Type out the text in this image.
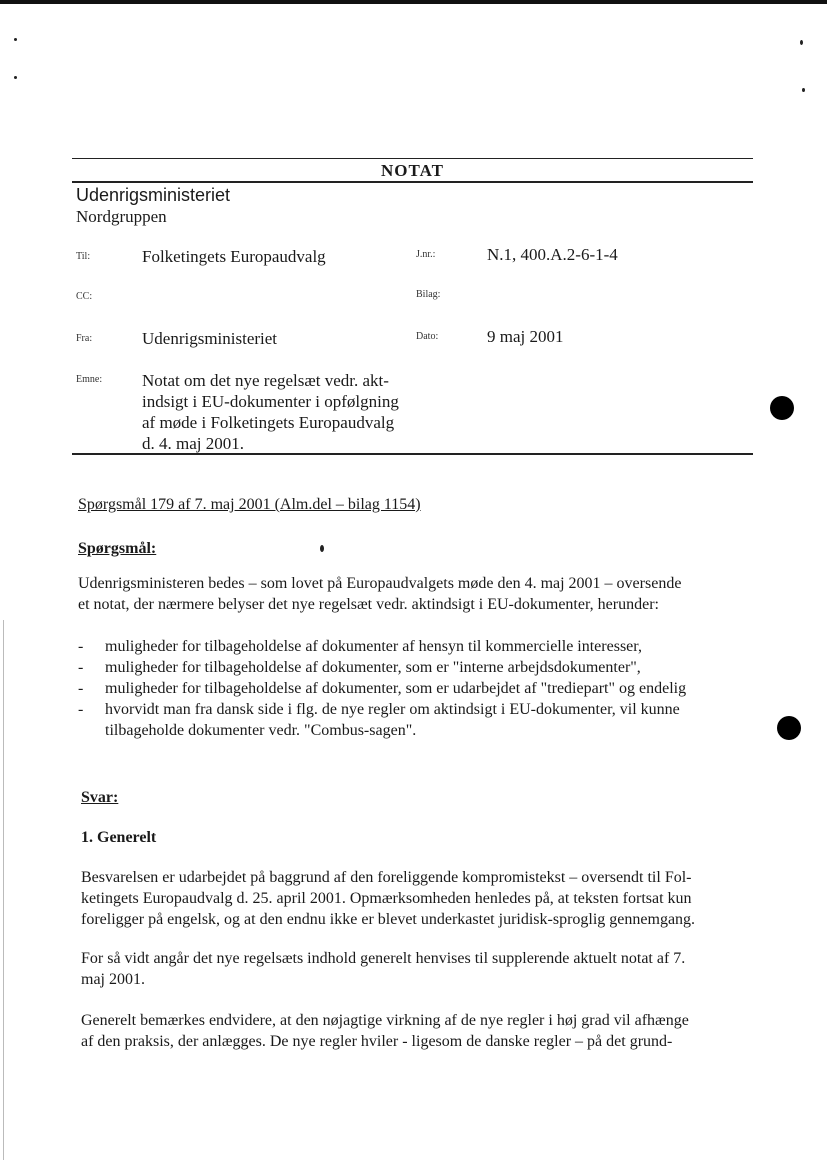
NOTAT
Udenrigsministeriet
Nordgruppen
Til:	Folketingets Europaudvalg	J.nr.:	N.1, 400.A.2-6-1-4
CC:	Bilag:
Fra:	Udenrigsministeriet	Dato:	9 maj 2001
Emne: Notat om det nye regelsæt vedr. akt-
indsigt i EU-dokumenter i opfølgning
af møde i Folketingets Europaudvalg
d. 4. maj 2001.
Spørgsmål 179 af 7. maj 2001 (Alm.del – bilag 1154)
Spørgsmål:
Udenrigsministeren bedes – som lovet på Europaudvalgets møde den 4. maj 2001 – oversende
et notat, der nærmere belyser det nye regelsæt vedr. aktindsigt i EU-dokumenter, herunder:
- muligheder for tilbageholdelse af dokumenter af hensyn til kommercielle interesser,
- muligheder for tilbageholdelse af dokumenter, som er "interne arbejdsdokumenter",
- muligheder for tilbageholdelse af dokumenter, som er udarbejdet af "trediepart" og endelig
- hvorvidt man fra dansk side i flg. de nye regler om aktindsigt i EU-dokumenter, vil kunne
tilbageholde dokumenter vedr. "Combus-sagen".
Svar:
1. Generelt
Besvarelsen er udarbejdet på baggrund af den foreliggende kompromistekst – oversendt til Fol-
ketingets Europaudvalg d. 25. april 2001. Opmærksomheden henledes på, at teksten fortsat kun
foreligger på engelsk, og at den endnu ikke er blevet underkastet juridisk-sproglig gennemgang.
For så vidt angår det nye regelsæts indhold generelt henvises til supplerende aktuelt notat af 7.
maj 2001.
Generelt bemærkes endvidere, at den nøjagtige virkning af de nye regler i høj grad vil afhænge
af den praksis, der anlægges. De nye regler hviler - ligesom de danske regler – på det grund-
